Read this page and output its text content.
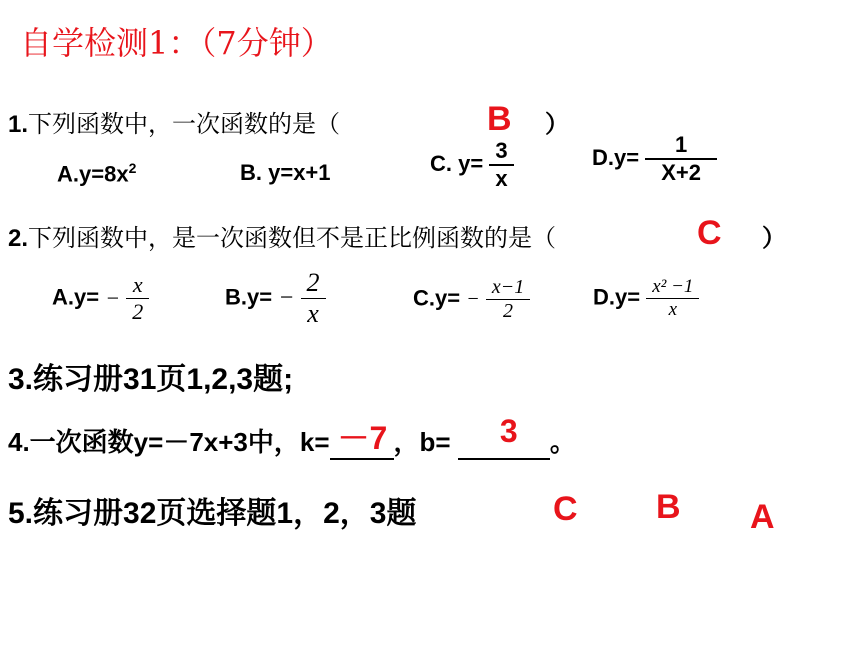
自学检测1：（7分钟）
1.下列函数中，一次函数的是（	B ）
$A.y=8x^2$	B. y=x+1	C. $y= \frac{3}{x}$	$D.y= \frac{1}{X+2}$
2.下列函数中，是一次函数但不是正比例函数的是（	C ）
$A.y= - \frac{x}{2}$	$B.y= - \frac{2}{x}$	$C.y= - \frac{x-1}{2}$	$D.y= \frac{\text{x² −1}}{x}$
3.练习册31页1,2,3题;
4.一次函数y=－7x+3中，k= －7 ，b= 3 。
5.练习册32页选择题1，2，3题	C B A
